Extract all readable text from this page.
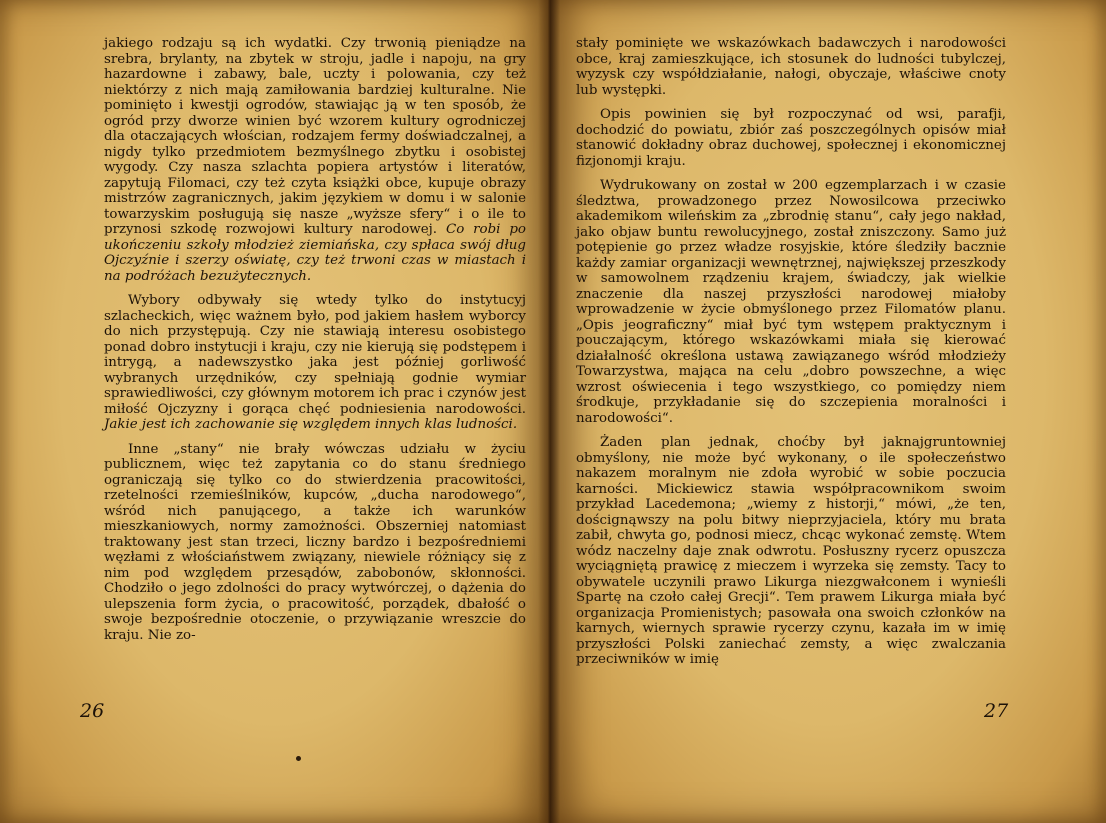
jakiego rodzaju są ich wydatki. Czy trwonią pieniądze na srebra, brylanty, na zbytek w stroju, jadle i napoju, na gry hazardowne i zabawy, bale, uczty i polowania, czy też niektórzy z nich mają zamiłowania bardziej kulturalne. Nie pominięto i kwestji ogrodów, stawiając ją w ten sposób, że ogród przy dworze winien być wzorem kultury ogrodniczej dla otaczających włościan, rodzajem fermy doświadczalnej, a nigdy tylko przedmiotem bezmyślnego zbytku i osobistej wygody. Czy nasza szlachta popiera artystów i literatów, zapytują Filomaci, czy też czyta książki obce, kupuje obrazy mistrzów zagranicznych, jakim językiem w domu i w salonie towarzyskim posługują się nasze „wyższe sfery“ i o ile to przynosi szkodę rozwojowi kultury narodowej. Co robi po ukończeniu szkoły młodzież ziemiańska, czy spłaca swój dług Ojczyźnie i szerzy oświatę, czy też trwoni czas w miastach i na podróżach bezużytecznych.

Wybory odbywały się wtedy tylko do instytucyj szlacheckich, więc ważnem było, pod jakiem hasłem wyborcy do nich przystępują. Czy nie stawiają interesu osobistego ponad dobro instytucji i kraju, czy nie kierują się podstępem i intrygą, a nadewszystko jaka jest później gorliwość wybranych urzędników, czy spełniają godnie wymiar sprawiedliwości, czy głównym motorem ich prac i czynów jest miłość Ojczyzny i gorąca chęć podniesienia narodowości. Jakie jest ich zachowanie się względem innych klas ludności.

Inne „stany“ nie brały wówczas udziału w życiu publicznem, więc też zapytania co do stanu średniego ograniczają się tylko co do stwierdzenia pracowitości, rzetelności rzemieślników, kupców, „ducha narodowego“, wśród nich panującego, a także ich warunków mieszkaniowych, normy zamożności. Obszerniej natomiast traktowany jest stan trzeci, liczny bardzo i bezpośredniemi węzłami z włościaństwem związany, niewiele różniący się z nim pod względem przesądów, zabobonów, skłonności. Chodziło o jego zdolności do pracy wytwórczej, o dążenia do ulepszenia form życia, o pracowitość, porządek, dbałość o swoje bezpośrednie otoczenie, o przywiązanie wreszcie do kraju. Nie zo-

26

stały pominięte we wskazówkach badawczych i narodowości obce, kraj zamieszkujące, ich stosunek do ludności tubylczej, wyzysk czy współdziałanie, nałogi, obyczaje, właściwe cnoty lub występki.

Opis powinien się był rozpoczynać od wsi, parafji, dochodzić do powiatu, zbiór zaś poszczególnych opisów miał stanowić dokładny obraz duchowej, społecznej i ekonomicznej fizjonomji kraju.

Wydrukowany on został w 200 egzemplarzach i w czasie śledztwa, prowadzonego przez Nowosilcowa przeciwko akademikom wileńskim za „zbrodnię stanu“, cały jego nakład, jako objaw buntu rewolucyjnego, został zniszczony. Samo już potępienie go przez władze rosyjskie, które śledziły bacznie każdy zamiar organizacji wewnętrznej, największej przeszkody w samowolnem rządzeniu krajem, świadczy, jak wielkie znaczenie dla naszej przyszłości narodowej miałoby wprowadzenie w życie obmyślonego przez Filomatów planu. „Opis jeograficzny“ miał być tym wstępem praktycznym i pouczającym, którego wskazówkami miała się kierować działalność określona ustawą zawiązanego wśród młodzieży Towarzystwa, mająca na celu „dobro powszechne, a więc wzrost oświecenia i tego wszystkiego, co pomiędzy niem środkuje, przykładanie się do szczepienia moralności i narodowości“.

Żaden plan jednak, choćby był jaknajgruntowniej obmyślony, nie może być wykonany, o ile społeczeństwo nakazem moralnym nie zdoła wyrobić w sobie poczucia karności. Mickiewicz stawia współpracownikom swoim przykład Lacedemona; „wiemy z historji,“ mówi, „że ten, doścignąwszy na polu bitwy nieprzyjaciela, który mu brata zabił, chwyta go, podnosi miecz, chcąc wykonać zemstę. Wtem wódz naczelny daje znak odwrotu. Posłuszny rycerz opuszcza wyciągniętą prawicę z mieczem i wyrzeka się zemsty. Tacy to obywatele uczynili prawo Likurga niezgwałconem i wynieśli Spartę na czoło całej Grecji“. Tem prawem Likurga miała być organizacja Promienistych; pasowała ona swoich członków na karnych, wiernych sprawie rycerzy czynu, kazała im w imię przyszłości Polski zaniechać zemsty, a więc zwalczania przeciwników w imię

27
